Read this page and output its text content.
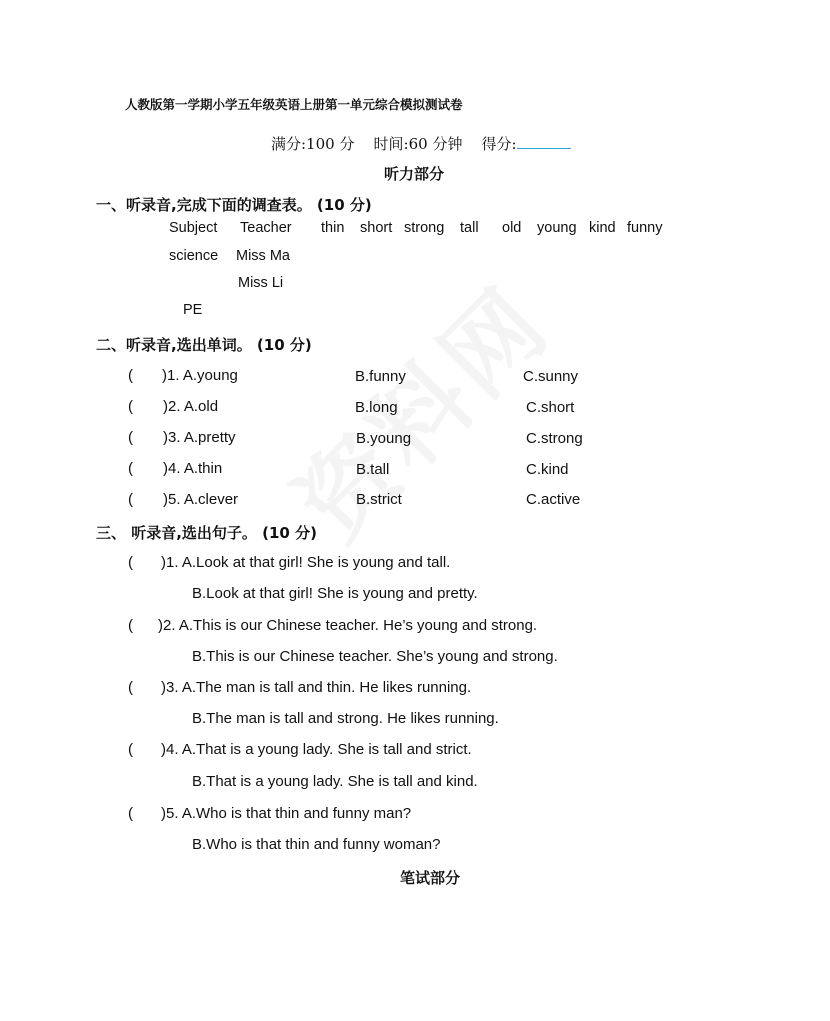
人教版第一学期小学五年级英语上册第一单元综合模拟测试卷
满分:100 分 时间:60 分钟 得分:
听力部分
一、听录音,完成下面的调查表。 (10 分)
Subject Teacher thin short strong tall old young kind funny
science Miss Ma
Miss Li
PE
二、听录音,选出单词。 (10 分)
( )1. A.young	B.funny	C.sunny
( )2. A.old	B.long	C.short
( )3. A.pretty	B.young	C.strong
( )4. A.thin	B.tall	C.kind
( )5. A.clever	B.strict	C.active
三、 听录音,选出句子。 (10 分)
( )1. A.Look at that girl! She is young and tall.
B.Look at that girl! She is young and pretty.
( )2. A.This is our Chinese teacher. He’s young and strong.
B.This is our Chinese teacher. She’s young and strong.
( )3. A.The man is tall and thin. He likes running.
B.The man is tall and strong. He likes running.
( )4. A.That is a young lady. She is tall and strict.
B.That is a young lady. She is tall and kind.
( )5. A.Who is that thin and funny man?
B.Who is that thin and funny woman?
笔试部分
